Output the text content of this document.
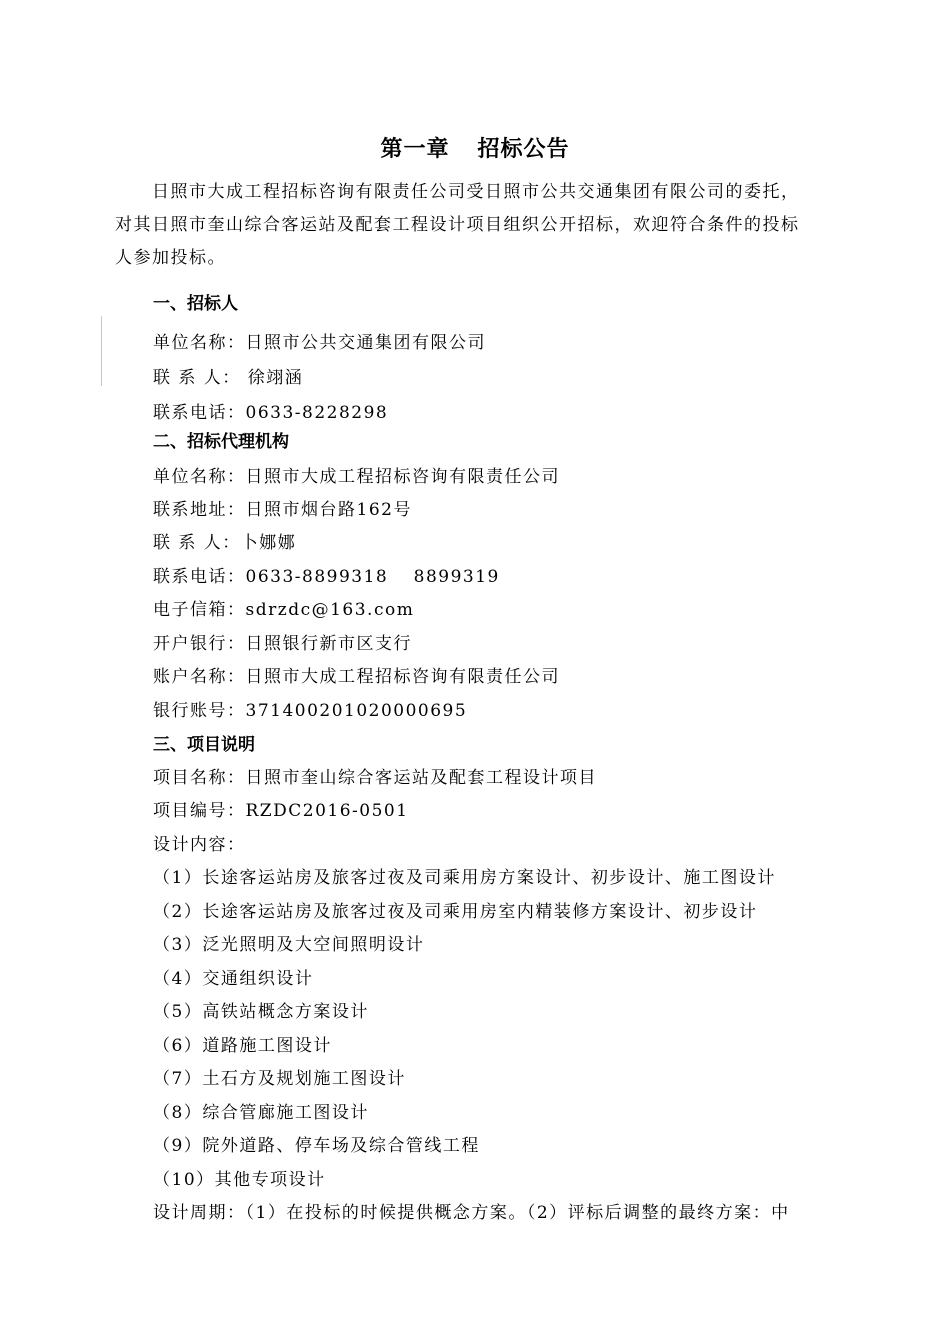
第一章 招标公告
　　日照市大成工程招标咨询有限责任公司受日照市公共交通集团有限公司的委托，
对其日照市奎山综合客运站及配套工程设计项目组织公开招标，欢迎符合条件的投标
人参加投标。
一、招标人
单位名称：日照市公共交通集团有限公司
联 系 人： 徐翊涵
联系电话：0633-8228298
二、招标代理机构
单位名称：日照市大成工程招标咨询有限责任公司
联系地址：日照市烟台路162号
联 系 人：卜娜娜
联系电话：0633-8899318　 8899319
电子信箱：sdrzdc@163.com
开户银行：日照银行新市区支行
账户名称：日照市大成工程招标咨询有限责任公司
银行账号：371400201020000695
三、项目说明
项目名称：日照市奎山综合客运站及配套工程设计项目
项目编号：RZDC2016-0501
设计内容：
（1）长途客运站房及旅客过夜及司乘用房方案设计、初步设计、施工图设计
（2）长途客运站房及旅客过夜及司乘用房室内精装修方案设计、初步设计
（3）泛光照明及大空间照明设计
（4）交通组织设计
（5）高铁站概念方案设计
（6）道路施工图设计
（7）土石方及规划施工图设计
（8）综合管廊施工图设计
（9）院外道路、停车场及综合管线工程
（10）其他专项设计
设计周期：（1）在投标的时候提供概念方案。（2）评标后调整的最终方案：中
